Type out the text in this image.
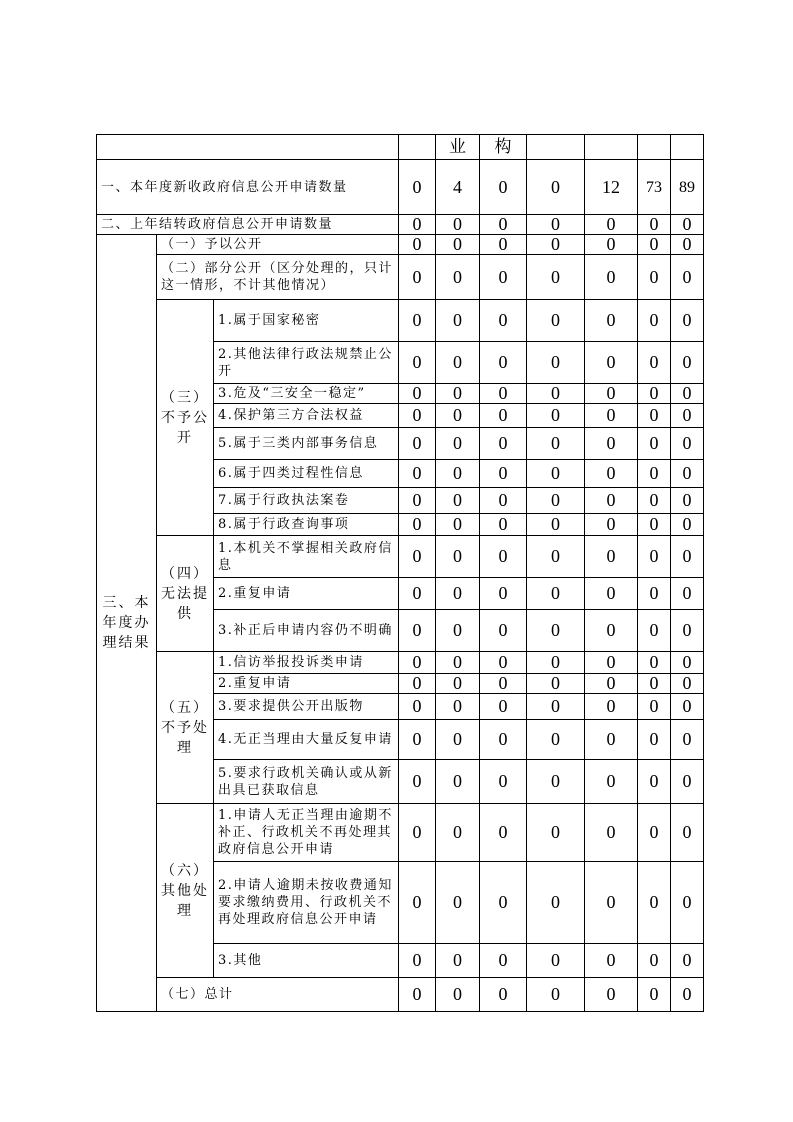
				业	构				
一、本年度新收政府信息公开申请数量			0	4	0	0	12	73	89
二、上年结转政府信息公开申请数量			0	0	0	0	0	0	0
三、本年度办理结果	（一）予以公开		0	0	0	0	0	0	0
	（二）部分公开（区分处理的，只计这一情形，不计其他情况）		0	0	0	0	0	0	0
	（三）不予公开	1.属于国家秘密	0	0	0	0	0	0	0
		2.其他法律行政法规禁止公开	0	0	0	0	0	0	0
		3.危及“三安全一稳定”	0	0	0	0	0	0	0
		4.保护第三方合法权益	0	0	0	0	0	0	0
		5.属于三类内部事务信息	0	0	0	0	0	0	0
		6.属于四类过程性信息	0	0	0	0	0	0	0
		7.属于行政执法案卷	0	0	0	0	0	0	0
		8.属于行政查询事项	0	0	0	0	0	0	0
	（四）无法提供	1.本机关不掌握相关政府信息	0	0	0	0	0	0	0
		2.重复申请	0	0	0	0	0	0	0
		3.补正后申请内容仍不明确	0	0	0	0	0	0	0
	（五）不予处理	1.信访举报投诉类申请	0	0	0	0	0	0	0
		2.重复申请	0	0	0	0	0	0	0
		3.要求提供公开出版物	0	0	0	0	0	0	0
		4.无正当理由大量反复申请	0	0	0	0	0	0	0
		5.要求行政机关确认或从新出具已获取信息	0	0	0	0	0	0	0
	（六）其他处理	1.申请人无正当理由逾期不补正、行政机关不再处理其政府信息公开申请	0	0	0	0	0	0	0
		2.申请人逾期未按收费通知要求缴纳费用、行政机关不再处理政府信息公开申请	0	0	0	0	0	0	0
		3.其他	0	0	0	0	0	0	0
	（七）总计		0	0	0	0	0	0	0
